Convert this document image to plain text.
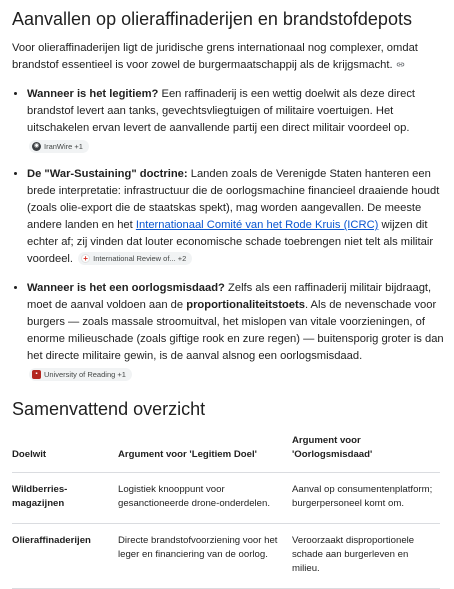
Aanvallen op olieraffinaderijen en brandstofdepots

Voor olieraffinaderijen ligt de juridische grens internationaal nog complexer, omdat brandstof essentieel is voor zowel de burgermaatschappij als de krijgsmacht.

• Wanneer is het legitiem? Een raffinaderij is een wettig doelwit als deze direct brandstof levert aan tanks, gevechtsvliegtuigen of militaire voertuigen. Het uitschakelen ervan levert de aanvallende partij een direct militair voordeel op.
◉ IranWire +1
• De "War-Sustaining" doctrine: Landen zoals de Verenigde Staten hanteren een brede interpretatie: infrastructuur die de oorlogsmachine financieel draaiende houdt (zoals olie-export die de staatskas spekt), mag worden aangevallen. De meeste andere landen en het Internationaal Comité van het Rode Kruis (ICRC) wijzen dit echter af; zij vinden dat louter economische schade toebrengen niet telt als militair voordeel. + International Review of... +2
• Wanneer is het een oorlogsmisdaad? Zelfs als een raffinaderij militair bijdraagt, moet de aanval voldoen aan de proportionaliteitstoets. Als de nevenschade voor burgers — zoals massale stroomuitval, het mislopen van vitale voorzieningen, of enorme milieuschade (zoals giftige rook en zure regen) — buitensporig groter is dan het directe militaire gewin, is de aanval alsnog een oorlogsmisdaad.
▪ University of Reading +1
Samenvattend overzicht
Doelwit	Argument voor 'Legitiem Doel'	Argument voor 'Oorlogsmisdaad'
Wildberries-magazijnen	Logistiek knooppunt voor gesanctioneerde drone-onderdelen.	Aanval op consumentenplatform; burgerpersoneel komt om.
Olieraffinaderijen	Directe brandstofvoorziening voor het leger en financiering van de oorlog.	Veroorzaakt disproportionele schade aan burgerleven en milieu.
